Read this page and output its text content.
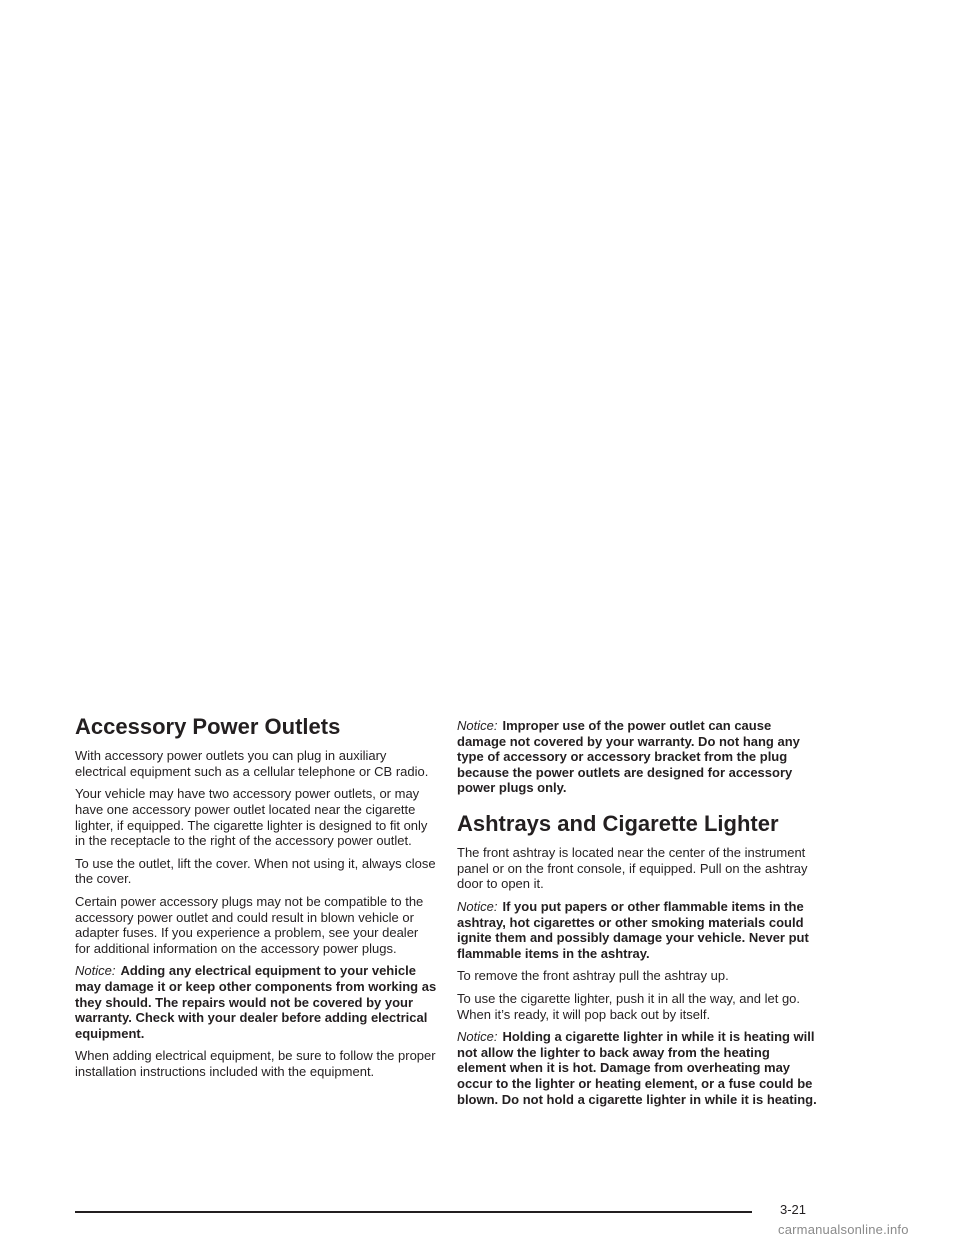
Accessory Power Outlets

With accessory power outlets you can plug in auxiliary electrical equipment such as a cellular telephone or CB radio.

Your vehicle may have two accessory power outlets, or may have one accessory power outlet located near the cigarette lighter, if equipped. The cigarette lighter is designed to fit only in the receptacle to the right of the accessory power outlet.

To use the outlet, lift the cover. When not using it, always close the cover.

Certain power accessory plugs may not be compatible to the accessory power outlet and could result in blown vehicle or adapter fuses. If you experience a problem, see your dealer for additional information on the accessory power plugs.

Notice: Adding any electrical equipment to your vehicle may damage it or keep other components from working as they should. The repairs would not be covered by your warranty. Check with your dealer before adding electrical equipment.

When adding electrical equipment, be sure to follow the proper installation instructions included with the equipment.

Notice: Improper use of the power outlet can cause damage not covered by your warranty. Do not hang any type of accessory or accessory bracket from the plug because the power outlets are designed for accessory power plugs only.

Ashtrays and Cigarette Lighter

The front ashtray is located near the center of the instrument panel or on the front console, if equipped. Pull on the ashtray door to open it.

Notice: If you put papers or other flammable items in the ashtray, hot cigarettes or other smoking materials could ignite them and possibly damage your vehicle. Never put flammable items in the ashtray.

To remove the front ashtray pull the ashtray up.

To use the cigarette lighter, push it in all the way, and let go. When it’s ready, it will pop back out by itself.

Notice: Holding a cigarette lighter in while it is heating will not allow the lighter to back away from the heating element when it is hot. Damage from overheating may occur to the lighter or heating element, or a fuse could be blown. Do not hold a cigarette lighter in while it is heating.

3-21
carmanualsonline.info
